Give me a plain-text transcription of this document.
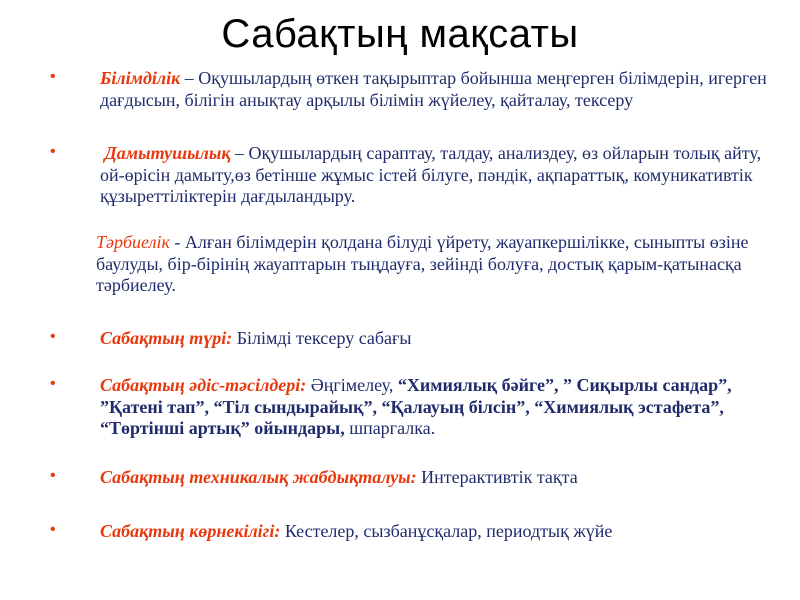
Сабақтың мақсаты
• Білімділік – Оқушылардың өткен тақырыптар бойынша меңгерген білімдерін, игерген дағдысын, білігін анықтау арқылы білімін жүйелеу, қайталау, тексеру
•	Дамытушылық – Оқушылардың сараптау, талдау, анализдеу, өз ойларын толық айту, ой-өрісін дамыту,өз бетінше жұмыс істей білуге, пәндік, ақпараттық, комуникативтік құзыреттіліктерін дағдыландыру.
Тәрбиелік - Алған білімдерін қолдана білуді үйрету, жауапкершілікке, сыныпты өзіне баулуды, бір-бірінің жауаптарын тыңдауға, зейінді болуға, достық қарым-қатынасқа тәрбиелеу.
• Сабақтың түрі: Білімді тексеру сабағы
• Сабақтың әдіс-тәсілдері: Әңгімелеу, “Химиялық бәйге”, ” Сиқырлы сандар”, ”Қатені тап”, “Тіл сындырайық”, “Қалауың білсін”, “Химиялық эстафета”, “Төртінші артық” ойындары, шпаргалка.
• Сабақтың техникалық жабдықталуы: Интерактивтік тақта
• Сабақтың көрнекілігі: Кестелер, сызбанұсқалар, периодтық жүйе
